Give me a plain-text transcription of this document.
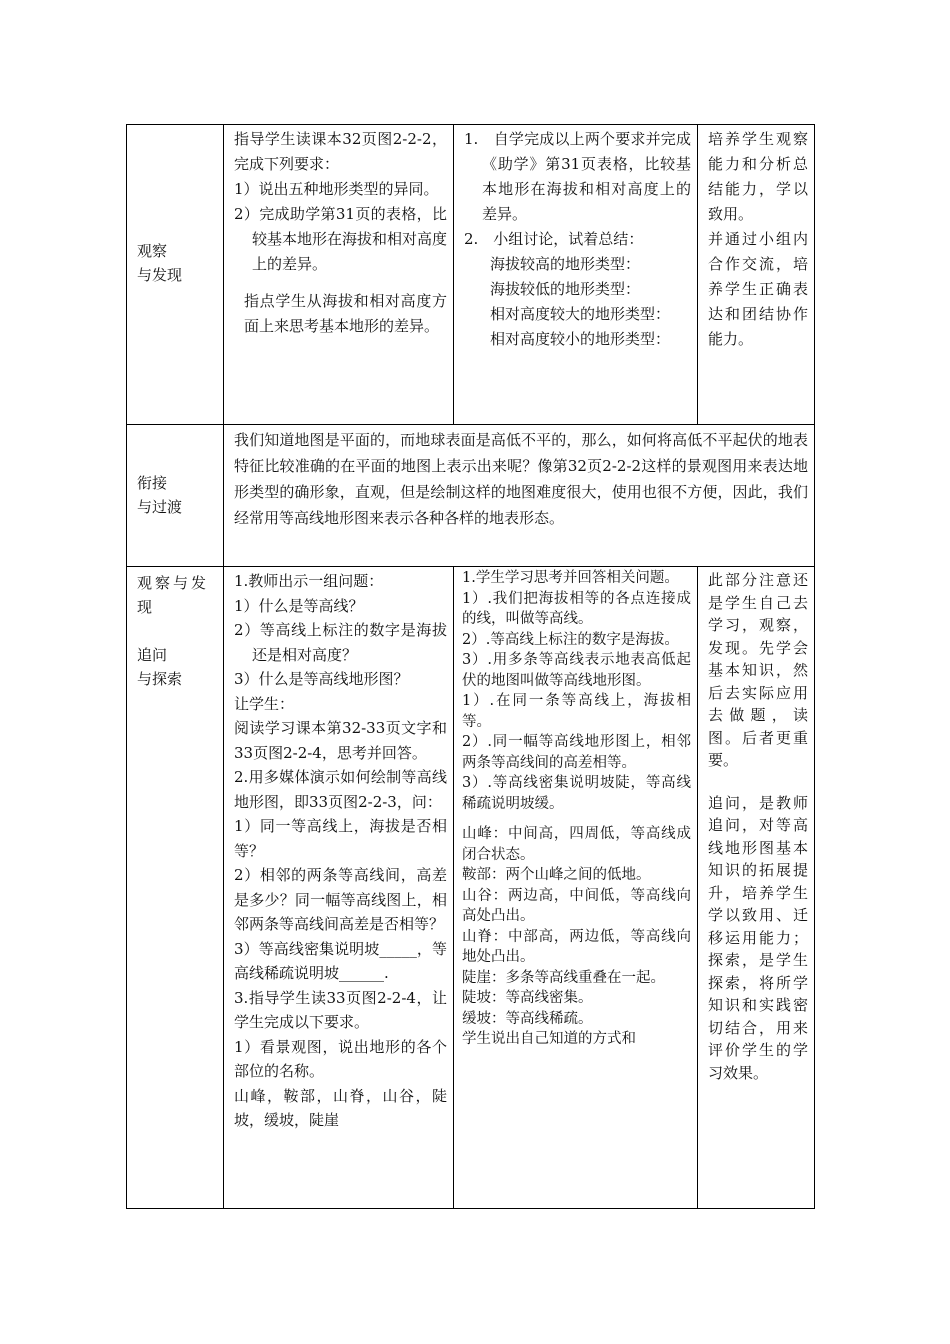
观察
与发现

指导学生读课本32页图2-2-2，完成下列要求：

1）说出五种地形类型的异同。

2）完成助学第31页的表格，比较基本地形在海拔和相对高度上的差异。

指点学生从海拔和相对高度方面上来思考基本地形的差异。

1.　自学完成以上两个要求并完成《助学》第31页表格，比较基本地形在海拔和相对高度上的差异。

2.　小组讨论，试着总结：

海拔较高的地形类型：

海拔较低的地形类型：

相对高度较大的地形类型：

相对高度较小的地形类型：

培养学生观察能力和分析总结能力，学以致用。

并通过小组内合作交流，培养学生正确表达和团结协作能力。

衔接
与过渡

我们知道地图是平面的，而地球表面是高低不平的，那么，如何将高低不平起伏的地表特征比较准确的在平面的地图上表示出来呢？像第32页2-2-2这样的景观图用来表达地形类型的确形象，直观，但是绘制这样的地图难度很大，使用也很不方便，因此，我们经常用等高线地形图来表示各种各样的地表形态。

观察与发
现
追问
与探索

1.教师出示一组问题：

1）什么是等高线？

2）等高线上标注的数字是海拔还是相对高度？

3）什么是等高线地形图？

让学生：

阅读学习课本第32-33页文字和33页图2-2-4，思考并回答。

2.用多媒体演示如何绘制等高线地形图，即33页图2-2-3，问：

1）同一等高线上，海拔是否相等？

2）相邻的两条等高线间，高差是多少？同一幅等高线图上，相邻两条等高线间高差是否相等？

3）等高线密集说明坡_____，等高线稀疏说明坡______.

3.指导学生读33页图2-2-4，让学生完成以下要求。

1）看景观图，说出地形的各个部位的名称。

山峰，鞍部，山脊，山谷，陡坡，缓坡，陡崖

1.学生学习思考并回答相关问题。

1）.我们把海拔相等的各点连接成的线，叫做等高线。

2）.等高线上标注的数字是海拔。

3）.用多条等高线表示地表高低起伏的地图叫做等高线地形图。

1）.在同一条等高线上，海拔相等。

2）.同一幅等高线地形图上，相邻两条等高线间的高差相等。

3）.等高线密集说明坡陡，等高线稀疏说明坡缓。

山峰：中间高，四周低，等高线成闭合状态。

鞍部：两个山峰之间的低地。

山谷：两边高，中间低，等高线向高处凸出。

山脊：中部高，两边低，等高线向地处凸出。

陡崖：多条等高线重叠在一起。

陡坡：等高线密集。

缓坡：等高线稀疏。

学生说出自己知道的方式和

此部分注意还是学生自己去学习，观察，发现。先学会基本知识，然后去实际应用去做题，读图。后者更重要。

追问，是教师追问，对等高线地形图基本知识的拓展提升，培养学生学以致用、迁移运用能力；探索，是学生探索，将所学知识和实践密切结合，用来评价学生的学习效果。
